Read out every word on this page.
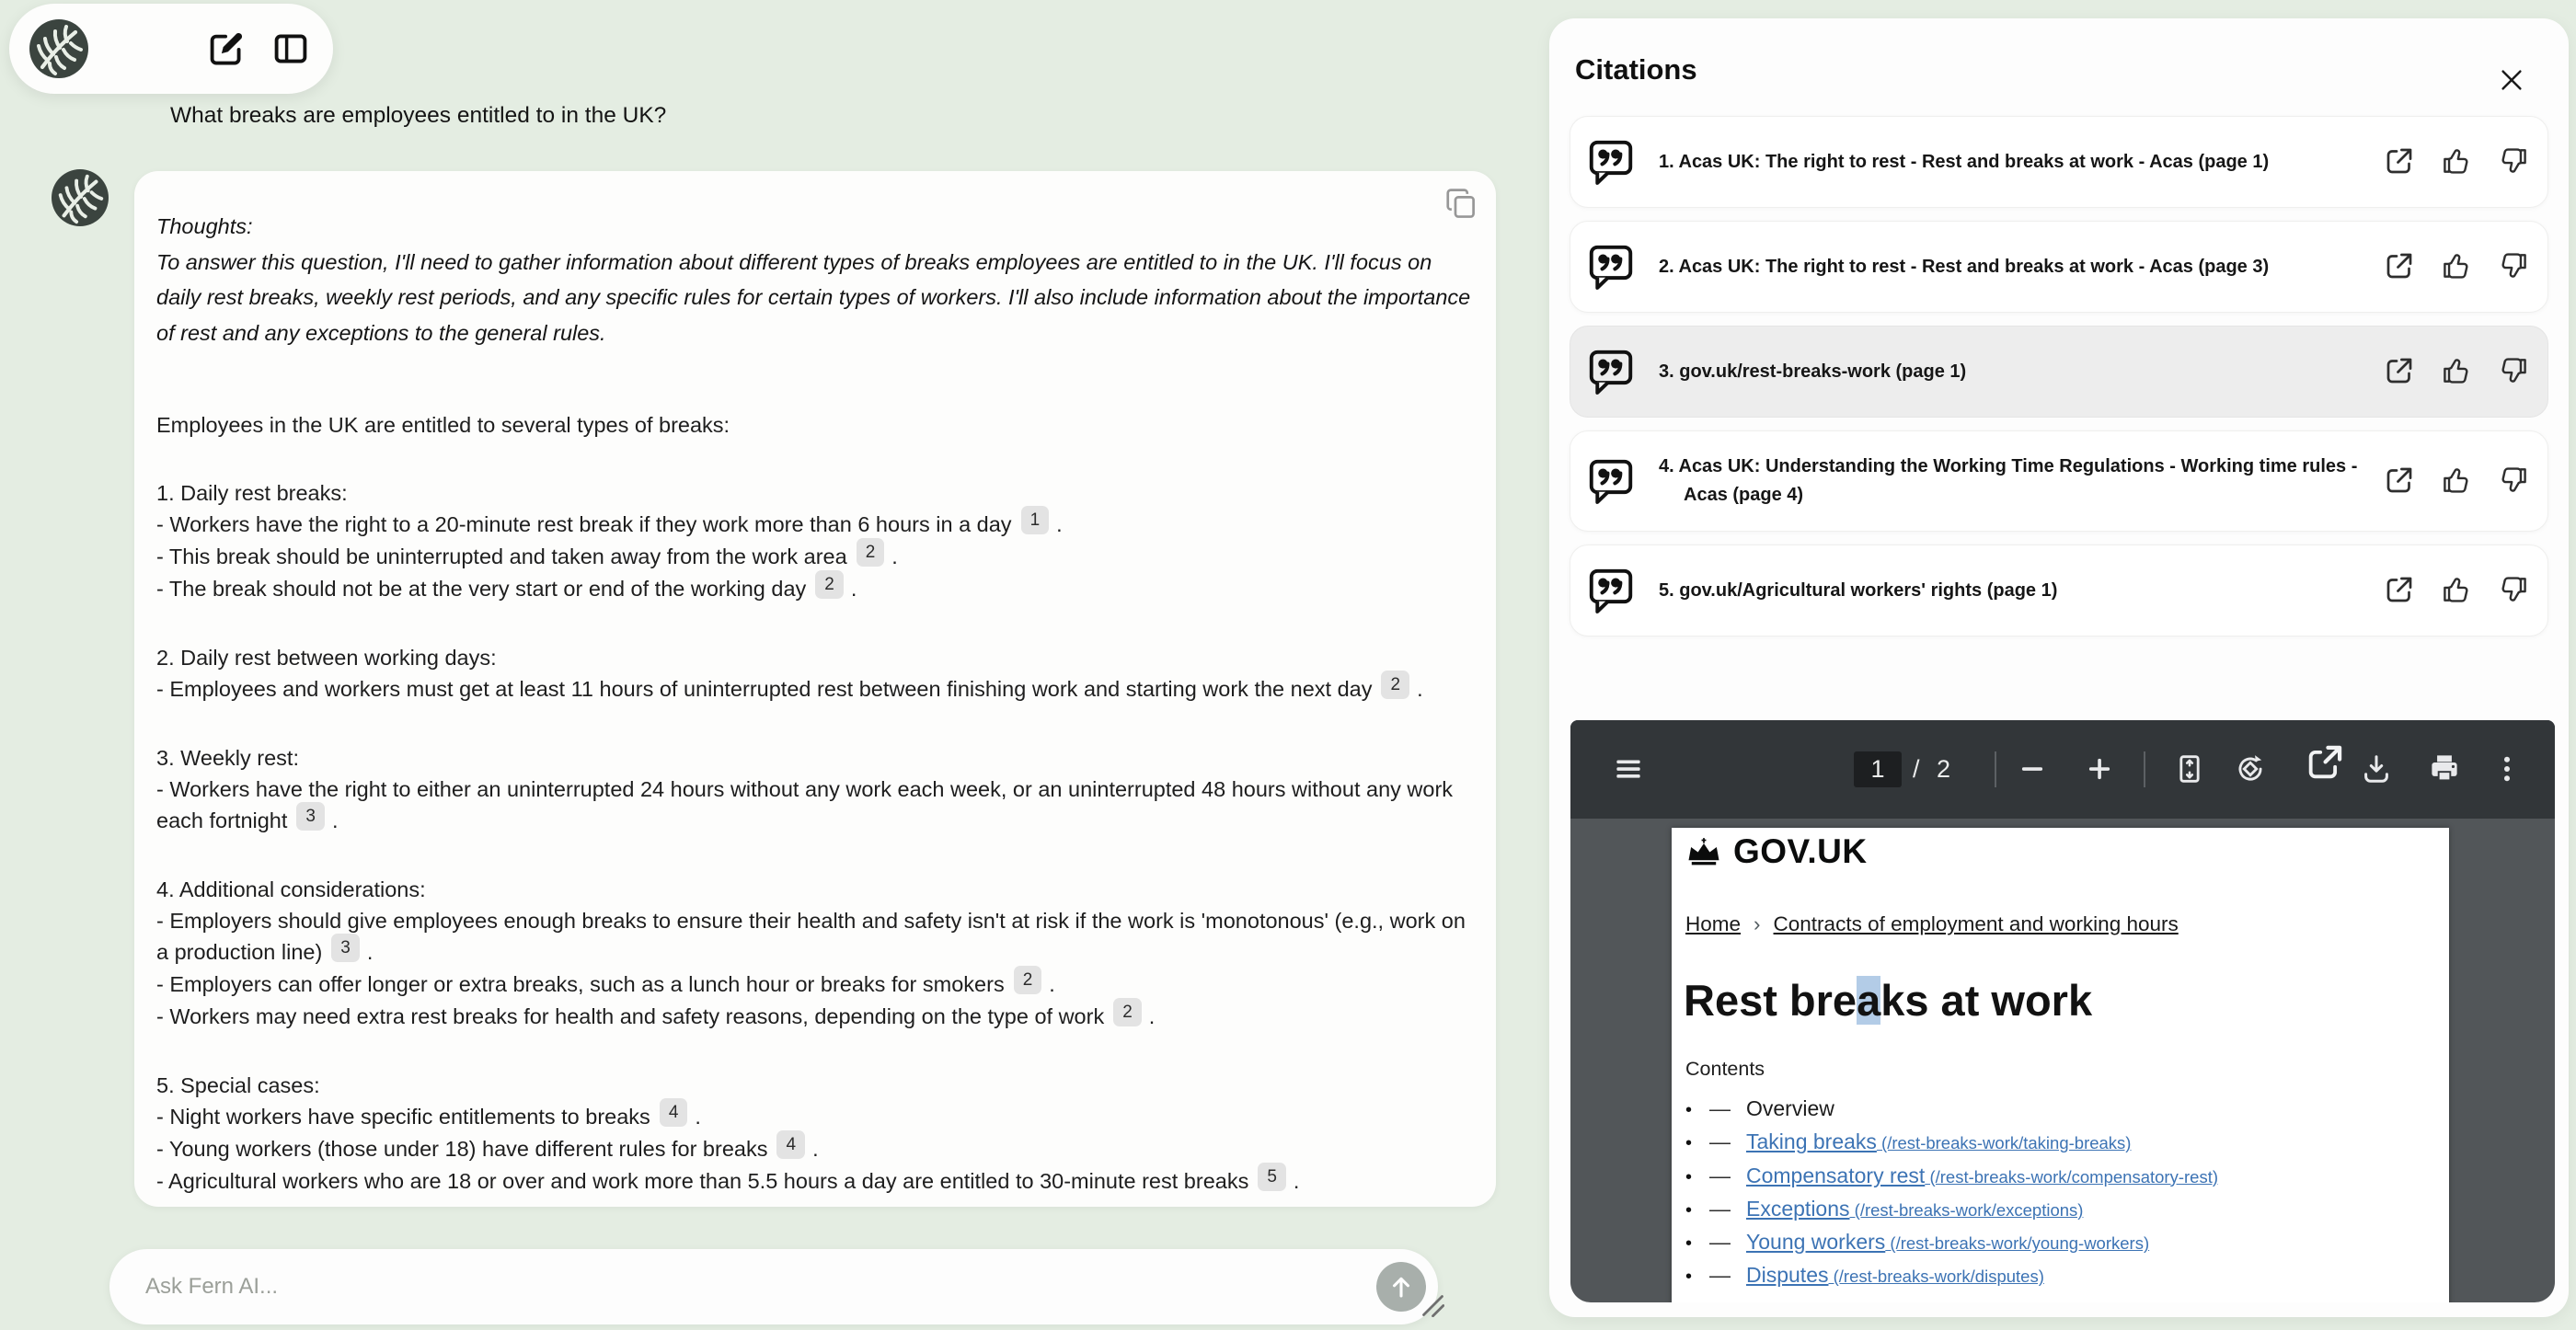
What breaks are employees entitled to in the UK?
Thoughts:
To answer this question, I'll need to gather information about different types of breaks employees are entitled to in the UK. I'll focus on daily rest breaks, weekly rest periods, and any specific rules for certain types of workers. I'll also include information about the importance of rest and any exceptions to the general rules.
Employees in the UK are entitled to several types of breaks:
1. Daily rest breaks:
- Workers have the right to a 20-minute rest break if they work more than 6 hours in a day 1 .
- This break should be uninterrupted and taken away from the work area 2 .
- The break should not be at the very start or end of the working day 2 .
2. Daily rest between working days:
- Employees and workers must get at least 11 hours of uninterrupted rest between finishing work and starting work the next day 2 .
3. Weekly rest:
- Workers have the right to either an uninterrupted 24 hours without any work each week, or an uninterrupted 48 hours without any work each fortnight 3 .
4. Additional considerations:
- Employers should give employees enough breaks to ensure their health and safety isn't at risk if the work is 'monotonous' (e.g., work on a production line) 3 .
- Employers can offer longer or extra breaks, such as a lunch hour or breaks for smokers 2 .
- Workers may need extra rest breaks for health and safety reasons, depending on the type of work 2 .
5. Special cases:
- Night workers have specific entitlements to breaks 4 .
- Young workers (those under 18) have different rules for breaks 4 .
- Agricultural workers who are 18 or over and work more than 5.5 hours a day are entitled to 30-minute rest breaks 5 .
Ask Fern AI...
Citations
1. Acas UK: The right to rest - Rest and breaks at work - Acas (page 1)
2. Acas UK: The right to rest - Rest and breaks at work - Acas (page 3)
3. gov.uk/rest-breaks-work (page 1)
4. Acas UK: Understanding the Working Time Regulations - Working time rules - Acas (page 4)
5. gov.uk/Agricultural workers' rights (page 1)
1	/ 2
GOV.UK
Home › Contracts of employment and working hours
Rest breaks at work
Contents
• — Overview
• — Taking breaks (/rest-breaks-work/taking-breaks)
• — Compensatory rest (/rest-breaks-work/compensatory-rest)
• — Exceptions (/rest-breaks-work/exceptions)
• — Young workers (/rest-breaks-work/young-workers)
• — Disputes (/rest-breaks-work/disputes)
